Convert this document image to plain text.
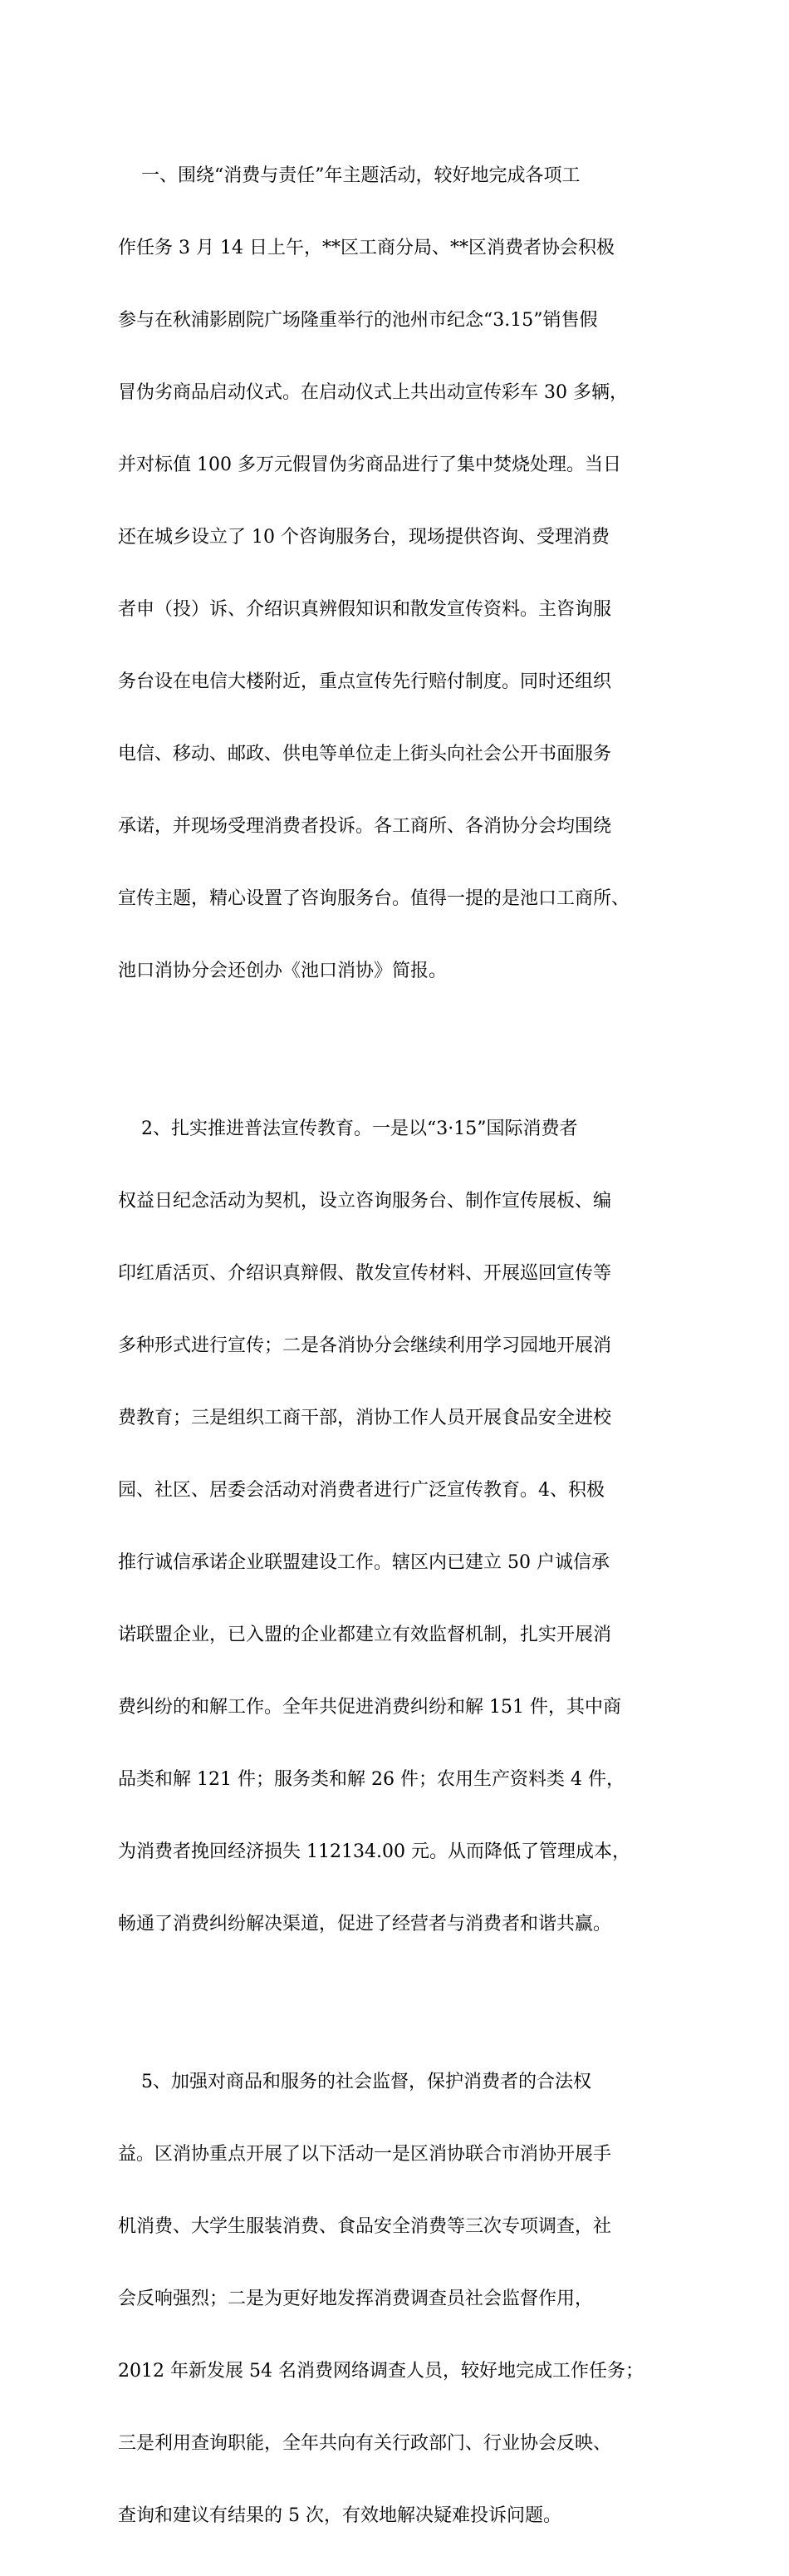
一、围绕“消费与责任”年主题活动，较好地完成各项工

作任务 3 月 14 日上午，**区工商分局、**区消费者协会积极

参与在秋浦影剧院广场隆重举行的池州市纪念“3.15”销售假

冒伪劣商品启动仪式。在启动仪式上共出动宣传彩车 30 多辆，

并对标值 100 多万元假冒伪劣商品进行了集中焚烧处理。当日

还在城乡设立了 10 个咨询服务台，现场提供咨询、受理消费

者申（投）诉、介绍识真辨假知识和散发宣传资料。主咨询服

务台设在电信大楼附近，重点宣传先行赔付制度。同时还组织

电信、移动、邮政、供电等单位走上街头向社会公开书面服务

承诺，并现场受理消费者投诉。各工商所、各消协分会均围绕

宣传主题，精心设置了咨询服务台。值得一提的是池口工商所、

池口消协分会还创办《池口消协》简报。

2、扎实推进普法宣传教育。一是以“3·15”国际消费者

权益日纪念活动为契机，设立咨询服务台、制作宣传展板、编

印红盾活页、介绍识真辩假、散发宣传材料、开展巡回宣传等

多种形式进行宣传；二是各消协分会继续利用学习园地开展消

费教育；三是组织工商干部，消协工作人员开展食品安全进校

园、社区、居委会活动对消费者进行广泛宣传教育。4、积极

推行诚信承诺企业联盟建设工作。辖区内已建立 50 户诚信承

诺联盟企业，已入盟的企业都建立有效监督机制，扎实开展消

费纠纷的和解工作。全年共促进消费纠纷和解 151 件，其中商

品类和解 121 件；服务类和解 26 件；农用生产资料类 4 件，

为消费者挽回经济损失 112134.00 元。从而降低了管理成本，

畅通了消费纠纷解决渠道，促进了经营者与消费者和谐共赢。

5、加强对商品和服务的社会监督，保护消费者的合法权

益。区消协重点开展了以下活动一是区消协联合市消协开展手

机消费、大学生服装消费、食品安全消费等三次专项调查，社

会反响强烈；二是为更好地发挥消费调查员社会监督作用，

2012 年新发展 54 名消费网络调查人员，较好地完成工作任务；

三是利用查询职能，全年共向有关行政部门、行业协会反映、

查询和建议有结果的 5 次，有效地解决疑难投诉问题。
